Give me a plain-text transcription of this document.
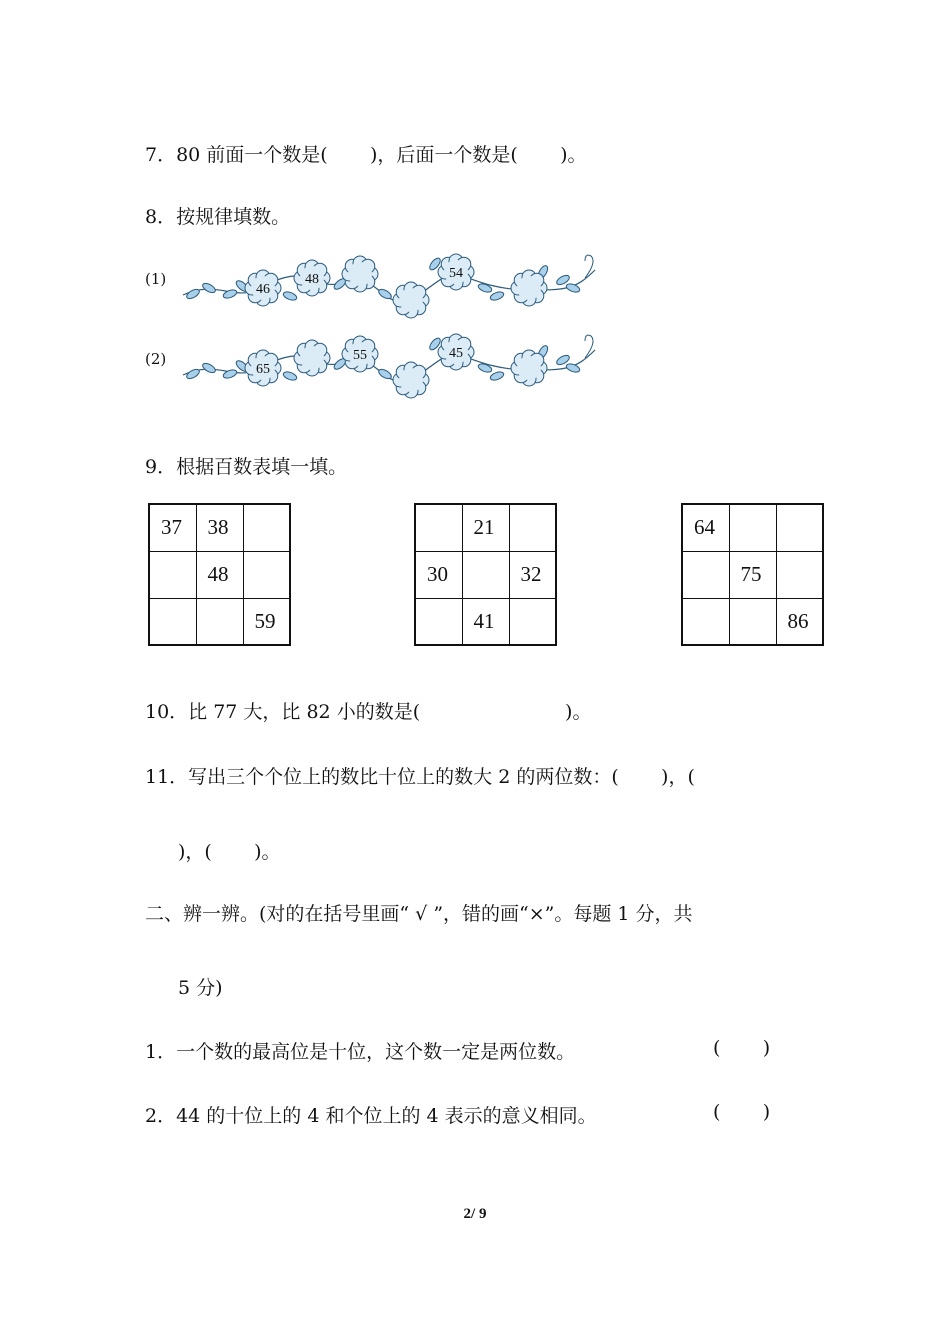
7．80 前面一个数是(       )，后面一个数是(       )。
8．按规律填数。
(1)
46
48	54
(2)
65
55	45
9．根据百数表填一填。
37	38	
	48	
		59
	21	
30		32
	41	
64		
	75	
		86
10．比 77 大，比 82 小的数是(                        )。
11．写出三个个位上的数比十位上的数大 2 的两位数：(       )，(
)，(       )。
二、辨一辨。(对的在括号里画“ √ ”，错的画“×”。每题 1 分，共
5 分)
1．一个数的最高位是十位，这个数一定是两位数。	(       )
2．44 的十位上的 4 和个位上的 4 表示的意义相同。	(       )
2/ 9
